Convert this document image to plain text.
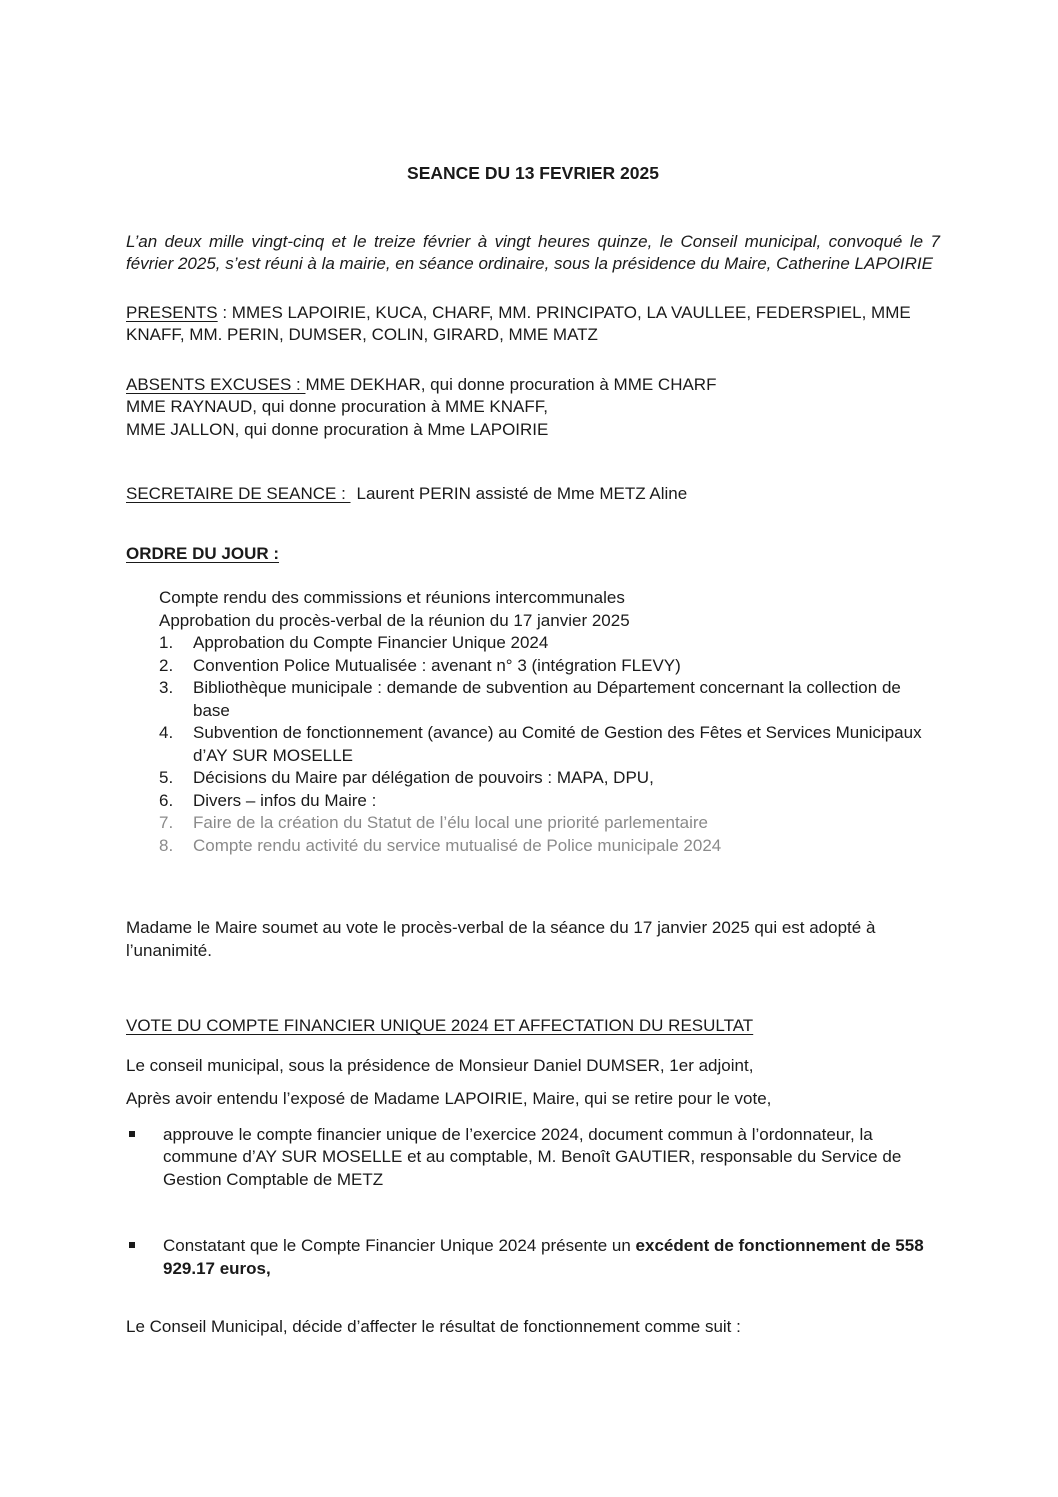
SEANCE DU 13 FEVRIER 2025

L’an deux mille vingt-cinq et le treize février à vingt heures quinze, le Conseil municipal, convoqué le 7 février 2025, s’est réuni à la mairie, en séance ordinaire, sous la présidence du Maire, Catherine LAPOIRIE

PRESENTS : MMES LAPOIRIE, KUCA, CHARF, MM. PRINCIPATO, LA VAULLEE, FEDERSPIEL, MME KNAFF, MM. PERIN, DUMSER, COLIN, GIRARD, MME MATZ

ABSENTS EXCUSES : MME DEKHAR, qui donne procuration à MME CHARF
MME RAYNAUD, qui donne procuration à MME KNAFF,
MME JALLON, qui donne procuration à Mme LAPOIRIE

SECRETAIRE DE SEANCE : Laurent PERIN assisté de Mme METZ Aline

ORDRE DU JOUR :

Compte rendu des commissions et réunions intercommunales
Approbation du procès-verbal de la réunion du 17 janvier 2025
1.	Approbation du Compte Financier Unique 2024
2.	Convention Police Mutualisée : avenant n° 3 (intégration FLEVY)
3.	Bibliothèque municipale : demande de subvention au Département concernant la collection de base
4.	Subvention de fonctionnement (avance) au Comité de Gestion des Fêtes et Services Municipaux d’AY SUR MOSELLE
5.	Décisions du Maire par délégation de pouvoirs : MAPA, DPU,
6.	Divers – infos du Maire :
7.	Faire de la création du Statut de l’élu local une priorité parlementaire
8.	Compte rendu activité du service mutualisé de Police municipale 2024

Madame le Maire soumet au vote le procès-verbal de la séance du 17 janvier 2025 qui est adopté à l’unanimité.

VOTE DU COMPTE FINANCIER UNIQUE 2024 ET AFFECTATION DU RESULTAT

Le conseil municipal, sous la présidence de Monsieur Daniel DUMSER, 1er adjoint,

Après avoir entendu l’exposé de Madame LAPOIRIE, Maire, qui se retire pour le vote,

approuve le compte financier unique de l’exercice 2024, document commun à l’ordonnateur, la commune d’AY SUR MOSELLE et au comptable, M. Benoît GAUTIER, responsable du Service de Gestion Comptable de METZ
Constatant que le Compte Financier Unique 2024 présente un excédent de fonctionnement de 558 929.17 euros,

Le Conseil Municipal, décide d’affecter le résultat de fonctionnement comme suit :
